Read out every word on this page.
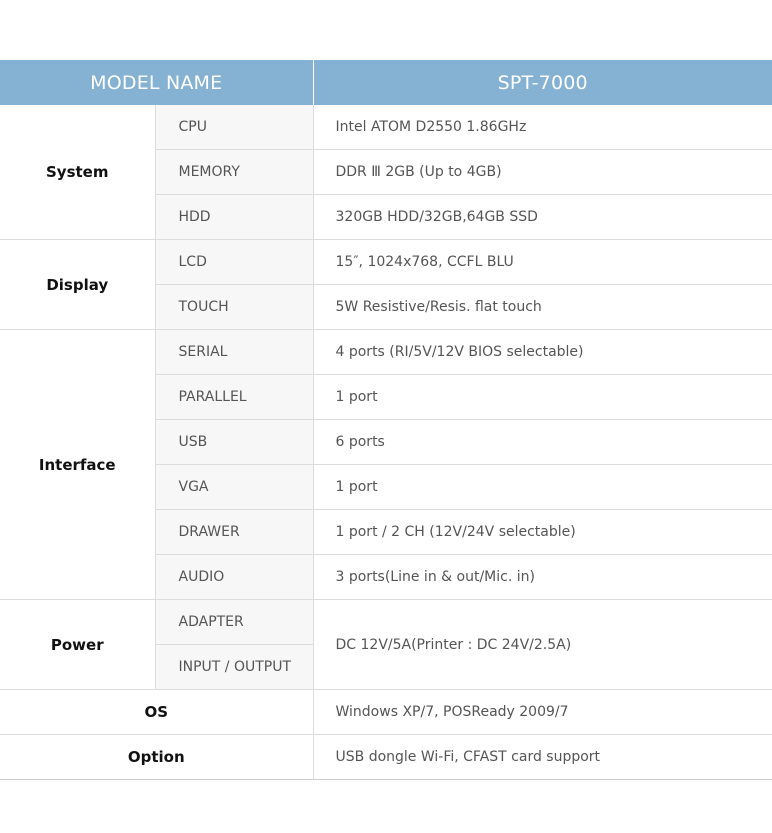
MODEL NAME		SPT-7000
System	CPU	Intel ATOM D2550 1.86GHz
	MEMORY	DDR Ⅲ 2GB (Up to 4GB)
	HDD	320GB HDD/32GB,64GB SSD
Display	LCD	15″, 1024x768, CCFL BLU
	TOUCH	5W Resistive/Resis. flat touch
Interface	SERIAL	4 ports (RI/5V/12V BIOS selectable)
	PARALLEL	1 port
	USB	6 ports
	VGA	1 port
	DRAWER	1 port / 2 CH (12V/24V selectable)
	AUDIO	3 ports(Line in & out/Mic. in)
Power	ADAPTER	DC 12V/5A(Printer : DC 24V/2.5A)
	INPUT / OUTPUT	
OS		Windows XP/7, POSReady 2009/7
Option		USB dongle Wi-Fi, CFAST card support
